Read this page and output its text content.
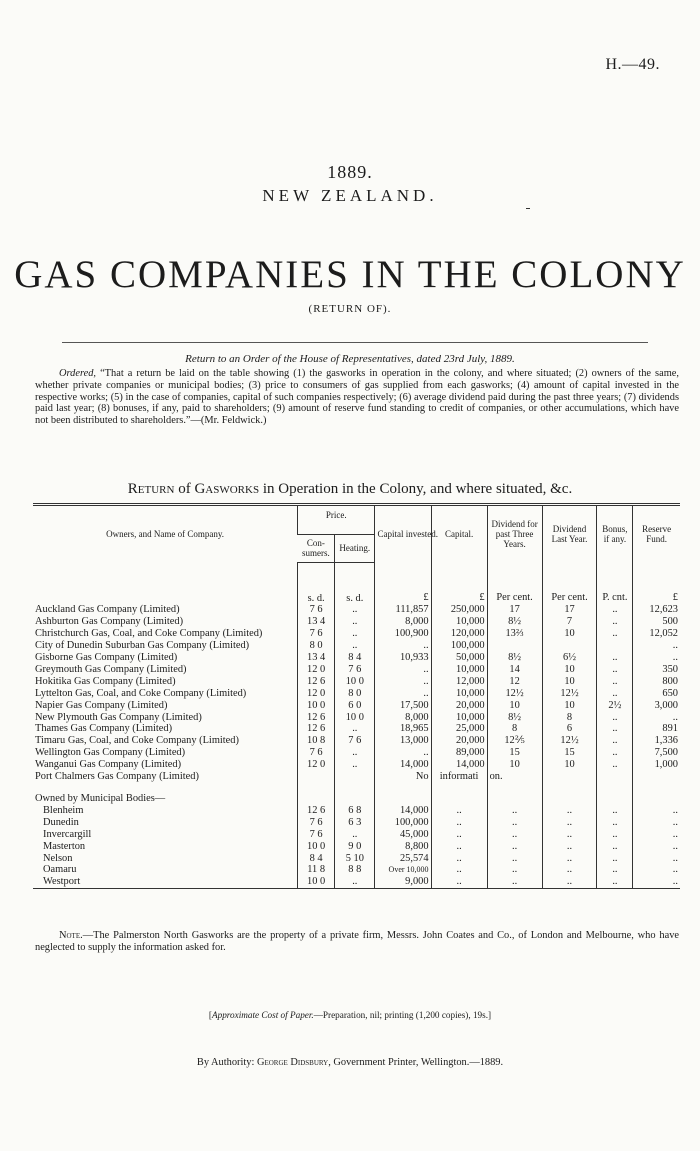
H.—49.
1889.
NEW ZEALAND.
GAS COMPANIES IN THE COLONY
(RETURN OF).
Return to an Order of the House of Representatives, dated 23rd July, 1889.
Ordered, “That a return be laid on the table showing (1) the gasworks in operation in the colony, and where situated; (2) owners of the same, whether private companies or municipal bodies; (3) price to consumers of gas supplied from each gasworks; (4) amount of capital invested in the respective works; (5) in the case of companies, capital of such companies respectively; (6) average dividend paid during the past three years; (7) dividends paid last year; (8) bonuses, if any, paid to shareholders; (9) amount of reserve fund standing to credit of companies, or other accumulations, which have not been distributed to shareholders.”—(Mr. Feldwick.)
Return of Gasworks in Operation in the Colony, and where situated, &c.
Owners, and Name of Company.	Price.		Capital invested.	Capital.	Dividend for past Three Years.	Dividend Last Year.	Bonus, if any.	Reserve Fund.
	Con-sumers.	Heating.						
	s. d.	s. d.	£	£	Per cent.	Per cent.	P. cnt.	£
Auckland Gas Company (Limited)	7 6	..	111,857	250,000	17	17	..	12,623
Ashburton Gas Company (Limited)	13 4	..	8,000	10,000	8½	7	..	500
Christchurch Gas, Coal, and Coke Company (Limited)	7 6	..	100,900	120,000	13⅔	10	..	12,052
City of Dunedin Suburban Gas Company (Limited)	8 0	..	..	100,000				..
Gisborne Gas Company (Limited)	13 4	8 4	10,933	50,000	8½	6½	..	..
Greymouth Gas Company (Limited)	12 0	7 6	..	10,000	14	10	..	350
Hokitika Gas Company (Limited)	12 6	10 0	..	12,000	12	10	..	800
Lyttelton Gas, Coal, and Coke Company (Limited)	12 0	8 0	..	10,000	12½	12½	..	650
Napier Gas Company (Limited)	10 0	6 0	17,500	20,000	10	10	2½	3,000
New Plymouth Gas Company (Limited)	12 6	10 0	8,000	10,000	8½	8	..	..
Thames Gas Company (Limited)	12 6	..	18,965	25,000	8	6	..	891
Timaru Gas, Coal, and Coke Company (Limited)	10 8	7 6	13,000	20,000	12⅖	12½	..	1,336
Wellington Gas Company (Limited)	7 6	..	..	89,000	15	15	..	7,500
Wanganui Gas Company (Limited)	12 0	..	14,000	14,000	10	10	..	1,000
Port Chalmers Gas Company (Limited)			No	informati	on.			
Owned by Municipal Bodies—								
Blenheim	12 6	6 8	14,000	..	..	..	..	..
Dunedin	7 6	6 3	100,000	..	..	..	..	..
Invercargill	7 6	..	45,000	..	..	..	..	..
Masterton	10 0	9 0	8,800	..	..	..	..	..
Nelson	8 4	5 10	25,574	..	..	..	..	..
Oamaru	11 8	8 8	Over 10,000	..	..	..	..	..
Westport	10 0	..	9,000	..	..	..	..	..
Note.—The Palmerston North Gasworks are the property of a private firm, Messrs. John Coates and Co., of London and Melbourne, who have neglected to supply the information asked for.
[Approximate Cost of Paper.—Preparation, nil; printing (1,200 copies), 19s.]
By Authority: George Didsbury, Government Printer, Wellington.—1889.
